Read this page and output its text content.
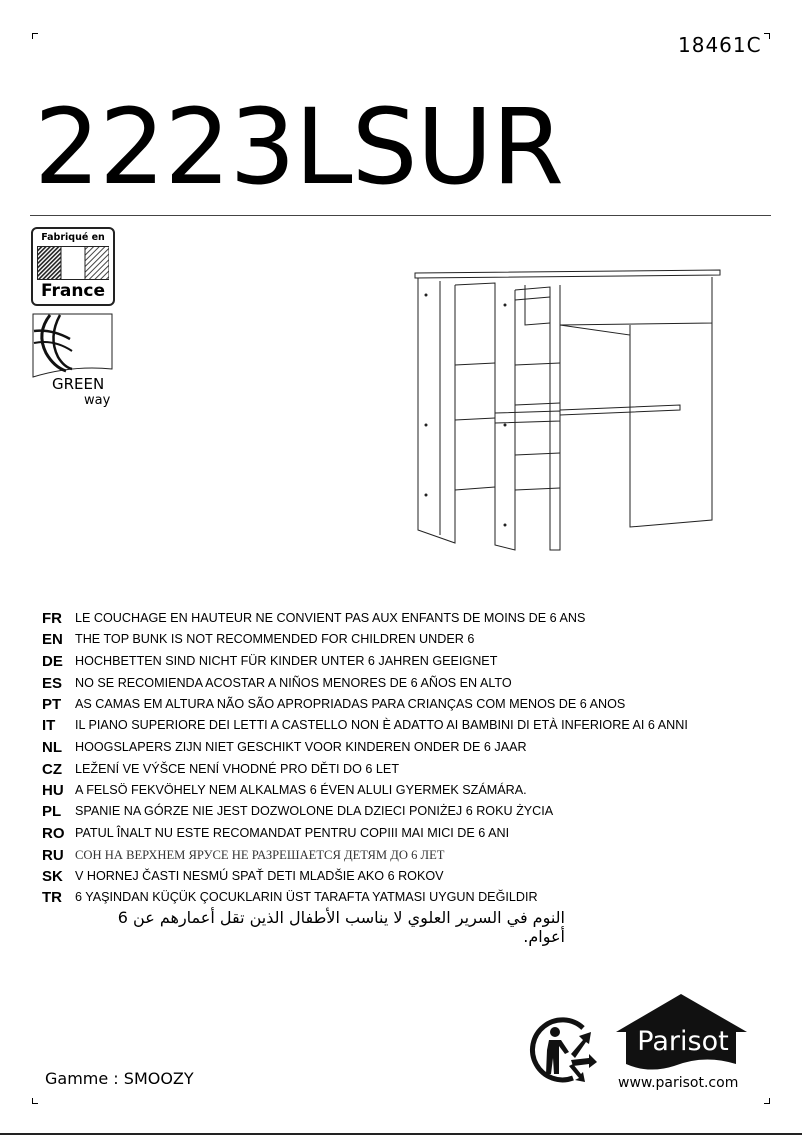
18461C
2223LSUR
Fabriqué en
France
GREEN
way
FR	LE COUCHAGE EN HAUTEUR NE CONVIENT PAS AUX ENFANTS DE MOINS DE 6 ANS
EN THE TOP BUNK IS NOT RECOMMENDED FOR CHILDREN UNDER 6
DE HOCHBETTEN SIND NICHT FÜR KINDER UNTER 6 JAHREN GEEIGNET
ES	NO SE RECOMIENDA ACOSTAR A NIÑOS MENORES DE 6 AÑOS EN ALTO
PT	AS CAMAS EM ALTURA NÃO SÃO APROPRIADAS PARA CRIANÇAS COM MENOS DE 6 ANOS
IT	IL PIANO SUPERIORE DEI LETTI A CASTELLO NON È ADATTO AI BAMBINI DI ETÀ INFERIORE AI 6 ANNI
NL	HOOGSLAPERS ZIJN NIET GESCHIKT VOOR KINDEREN ONDER DE 6 JAAR
CZ	LEŽENÍ VE VÝŠCE NENÍ VHODNÉ PRO DĚTI DO 6 LET
HU A FELSÖ FEKVÖHELY NEM ALKALMAS 6 ÉVEN ALULI GYERMEK SZÁMÁRA.
PL	SPANIE NA GÓRZE NIE JEST DOZWOLONE DLA DZIECI PONIŻEJ 6 ROKU ŻYCIA
RO PATUL ÎNALT NU ESTE RECOMANDAT PENTRU COPIII MAI MICI DE 6 ANI
RU СОН НА ВЕРХНЕМ ЯРУСЕ НЕ РАЗРЕШАЕТСЯ ДЕТЯМ ДО 6 ЛЕТ
SK V HORNEJ ČASTI NESMÚ SPAŤ DETI MLADŠIE AKO 6 ROKOV
TR	6 YAŞINDAN KÜÇÜK ÇOCUKLARIN ÜST TARAFTA YATMASI UYGUN DEĞILDIR
النوم في السرير العلوي لا يناسب الأطفال الذين تقل أعمارهم عن 6 أعوام.
Gamme : SMOOZY
Parisot
www.parisot.com
